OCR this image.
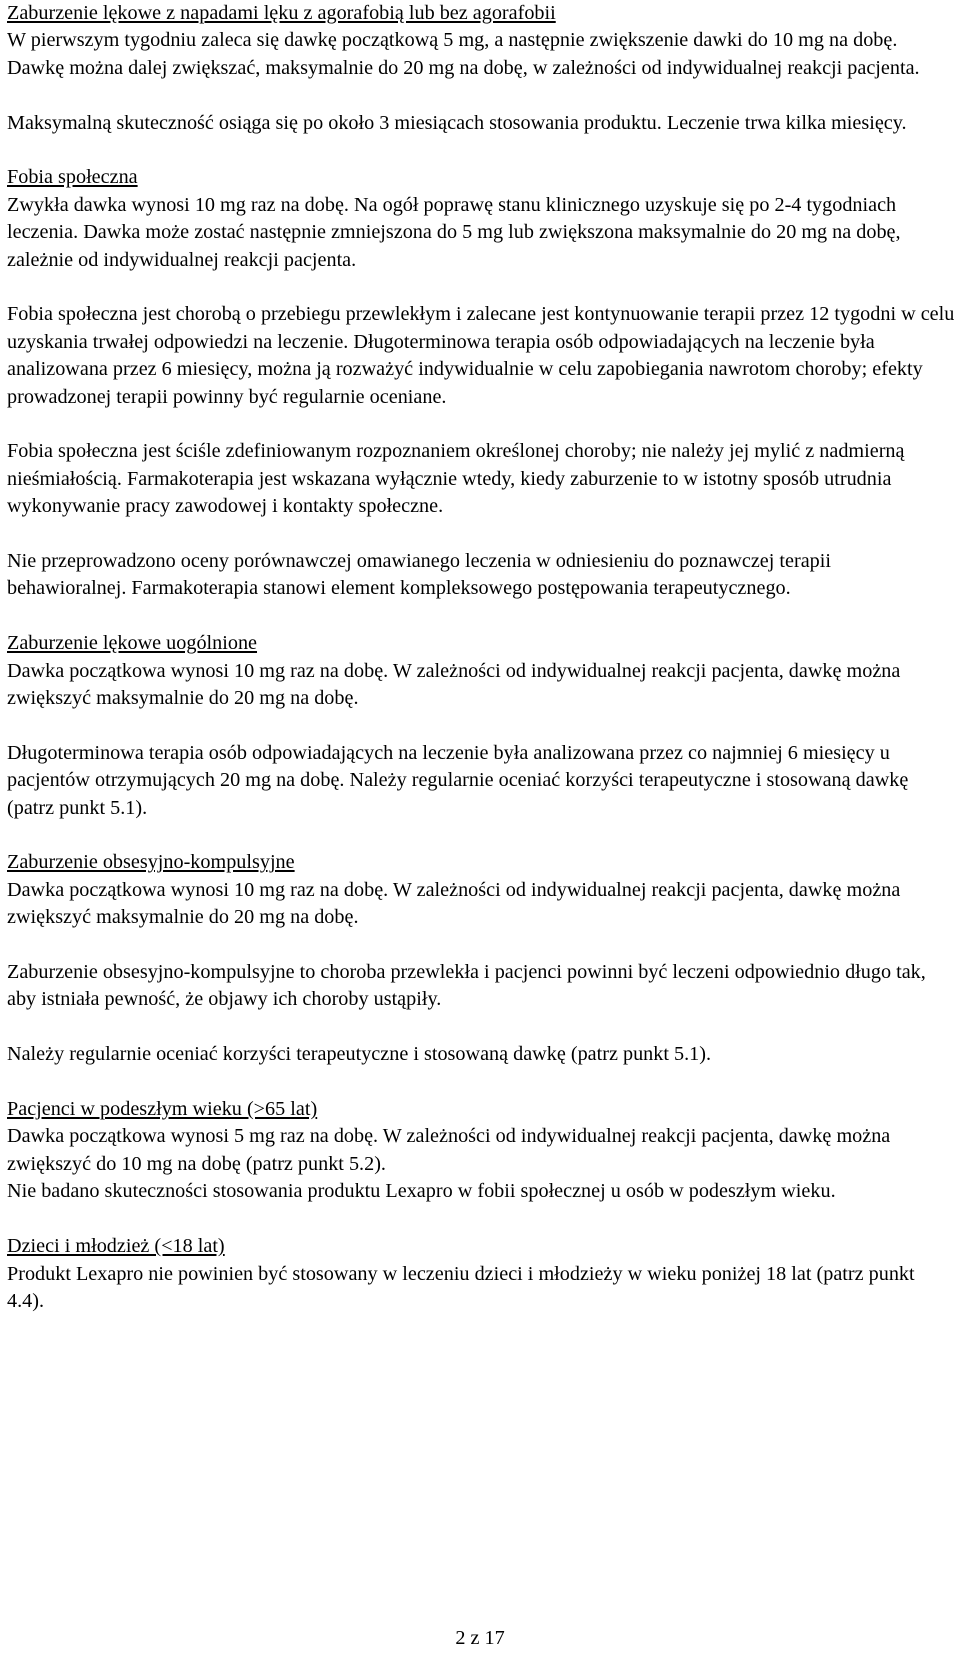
Zaburzenie lękowe z napadami lęku z agorafobią lub bez agorafobii

W pierwszym tygodniu zaleca się dawkę początkową 5 mg, a następnie zwiększenie dawki do 10 mg na dobę. Dawkę można dalej zwiększać, maksymalnie do 20 mg na dobę, w zależności od indywidualnej reakcji pacjenta.

Maksymalną skuteczność osiąga się po około 3 miesiącach stosowania produktu. Leczenie trwa kilka miesięcy.

Fobia społeczna

Zwykła dawka wynosi 10 mg raz na dobę. Na ogół poprawę stanu klinicznego uzyskuje się po 2-4 tygodniach leczenia. Dawka może zostać następnie zmniejszona do 5 mg lub zwiększona maksymalnie do 20 mg na dobę, zależnie od indywidualnej reakcji pacjenta.

Fobia społeczna jest chorobą o przebiegu przewlekłym i zalecane jest kontynuowanie terapii przez 12 tygodni w celu uzyskania trwałej odpowiedzi na leczenie. Długoterminowa terapia osób odpowiadających na leczenie była analizowana przez 6 miesięcy, można ją rozważyć indywidualnie w celu zapobiegania nawrotom choroby; efekty prowadzonej terapii powinny być regularnie oceniane.

Fobia społeczna jest ściśle zdefiniowanym rozpoznaniem określonej choroby; nie należy jej mylić z nadmierną nieśmiałością. Farmakoterapia jest wskazana wyłącznie wtedy, kiedy zaburzenie to w istotny sposób utrudnia wykonywanie pracy zawodowej i kontakty społeczne.

Nie przeprowadzono oceny porównawczej omawianego leczenia w odniesieniu do poznawczej terapii behawioralnej. Farmakoterapia stanowi element kompleksowego postępowania terapeutycznego.

Zaburzenie lękowe uogólnione

Dawka początkowa wynosi 10 mg raz na dobę. W zależności od indywidualnej reakcji pacjenta, dawkę można zwiększyć maksymalnie do 20 mg na dobę.

Długoterminowa terapia osób odpowiadających na leczenie była analizowana przez co najmniej 6 miesięcy u pacjentów otrzymujących 20 mg na dobę. Należy regularnie oceniać korzyści terapeutyczne i stosowaną dawkę (patrz punkt 5.1).

Zaburzenie obsesyjno-kompulsyjne

Dawka początkowa wynosi 10 mg raz na dobę. W zależności od indywidualnej reakcji pacjenta, dawkę można zwiększyć maksymalnie do 20 mg na dobę.

Zaburzenie obsesyjno-kompulsyjne to choroba przewlekła i pacjenci powinni być leczeni odpowiednio długo tak, aby istniała pewność, że objawy ich choroby ustąpiły.

Należy regularnie oceniać korzyści terapeutyczne i stosowaną dawkę (patrz punkt 5.1).

Pacjenci w podeszłym wieku (>65 lat)

Dawka początkowa wynosi 5 mg raz na dobę. W zależności od indywidualnej reakcji pacjenta, dawkę można zwiększyć do 10 mg na dobę (patrz punkt 5.2).

Nie badano skuteczności stosowania produktu Lexapro w fobii społecznej u osób w podeszłym wieku.

Dzieci i młodzież (<18 lat)

Produkt Lexapro nie powinien być stosowany w leczeniu dzieci i młodzieży w wieku poniżej 18 lat (patrz punkt 4.4).

2 z 17
